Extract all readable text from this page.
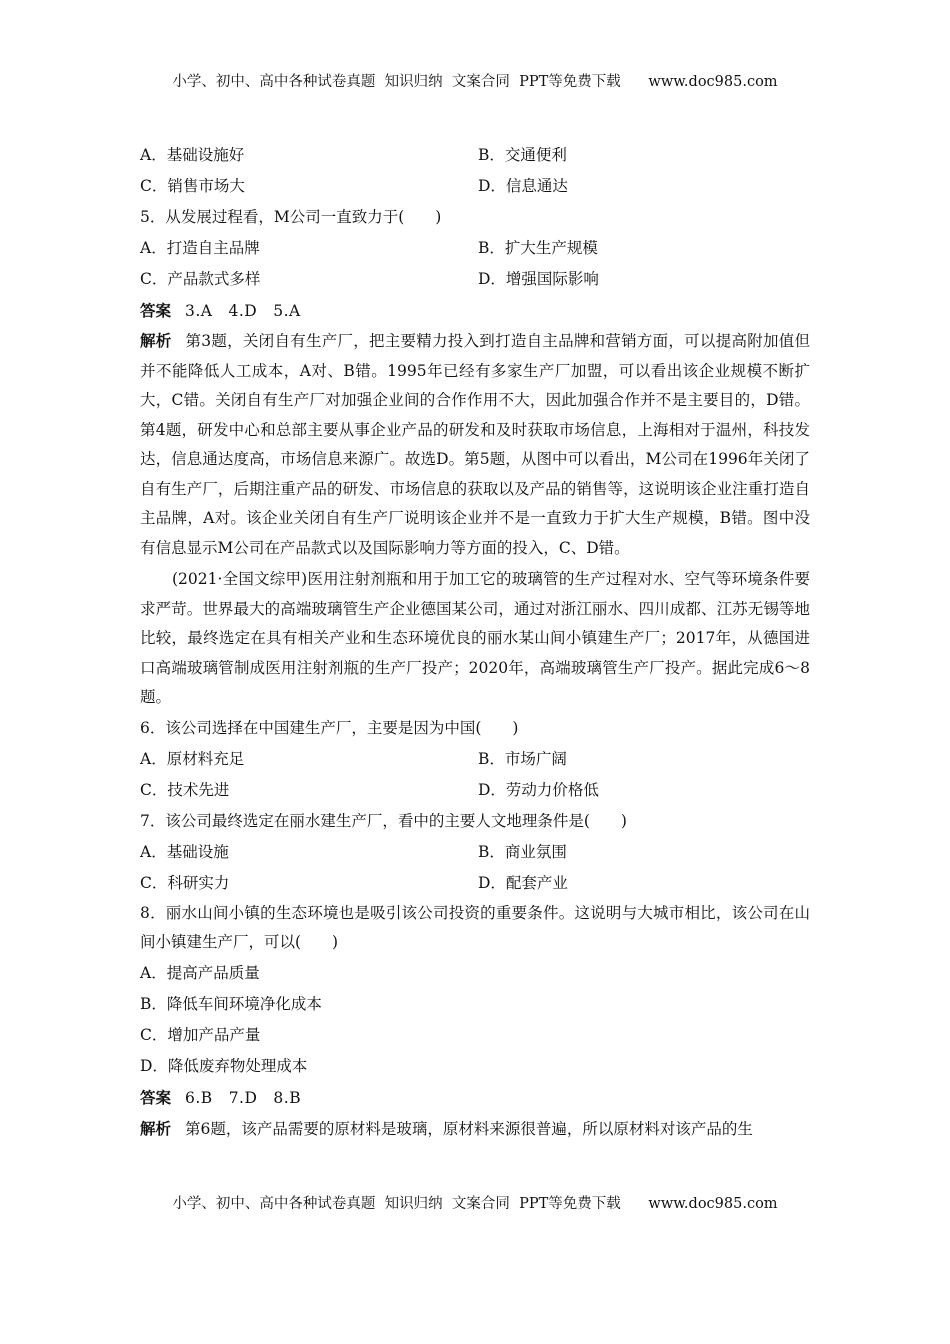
小学、初中、高中各种试卷真题  知识归纳  文案合同  PPT等免费下载      www.doc985.com
A．基础设施好	B．交通便利
C．销售市场大	D．信息通达
5．从发展过程看，M公司一直致力于(　　)
A．打造自主品牌	B．扩大生产规模
C．产品款式多样	D．增强国际影响
答案 3.A　4.D　5.A

解析 第3题，关闭自有生产厂，把主要精力投入到打造自主品牌和营销方面，可以提高附加值但并不能降低人工成本，A对、B错。1995年已经有多家生产厂加盟，可以看出该企业规模不断扩大，C错。关闭自有生产厂对加强企业间的合作作用不大，因此加强合作并不是主要目的，D错。第4题，研发中心和总部主要从事企业产品的研发和及时获取市场信息，上海相对于温州，科技发达，信息通达度高，市场信息来源广。故选D。第5题，从图中可以看出，M公司在1996年关闭了自有生产厂，后期注重产品的研发、市场信息的获取以及产品的销售等，这说明该企业注重打造自主品牌，A对。该企业关闭自有生产厂说明该企业并不是一直致力于扩大生产规模，B错。图中没有信息显示M公司在产品款式以及国际影响力等方面的投入，C、D错。

(2021·全国文综甲)医用注射剂瓶和用于加工它的玻璃管的生产过程对水、空气等环境条件要求严苛。世界最大的高端玻璃管生产企业德国某公司，通过对浙江丽水、四川成都、江苏无锡等地比较，最终选定在具有相关产业和生态环境优良的丽水某山间小镇建生产厂；2017年，从德国进口高端玻璃管制成医用注射剂瓶的生产厂投产；2020年，高端玻璃管生产厂投产。据此完成6～8题。

6．该公司选择在中国建生产厂，主要是因为中国(　　)
A．原材料充足	B．市场广阔
C．技术先进	D．劳动力价格低
7．该公司最终选定在丽水建生产厂，看中的主要人文地理条件是(　　)
A．基础设施	B．商业氛围
C．科研实力	D．配套产业

8．丽水山间小镇的生态环境也是吸引该公司投资的重要条件。这说明与大城市相比，该公司在山间小镇建生产厂，可以(　　)

A．提高产品质量
B．降低车间环境净化成本
C．增加产品产量
D．降低废弃物处理成本
答案 6.B　7.D　8.B
解析 第6题，该产品需要的原材料是玻璃，原材料来源很普遍，所以原材料对该产品的生
小学、初中、高中各种试卷真题  知识归纳  文案合同  PPT等免费下载      www.doc985.com
